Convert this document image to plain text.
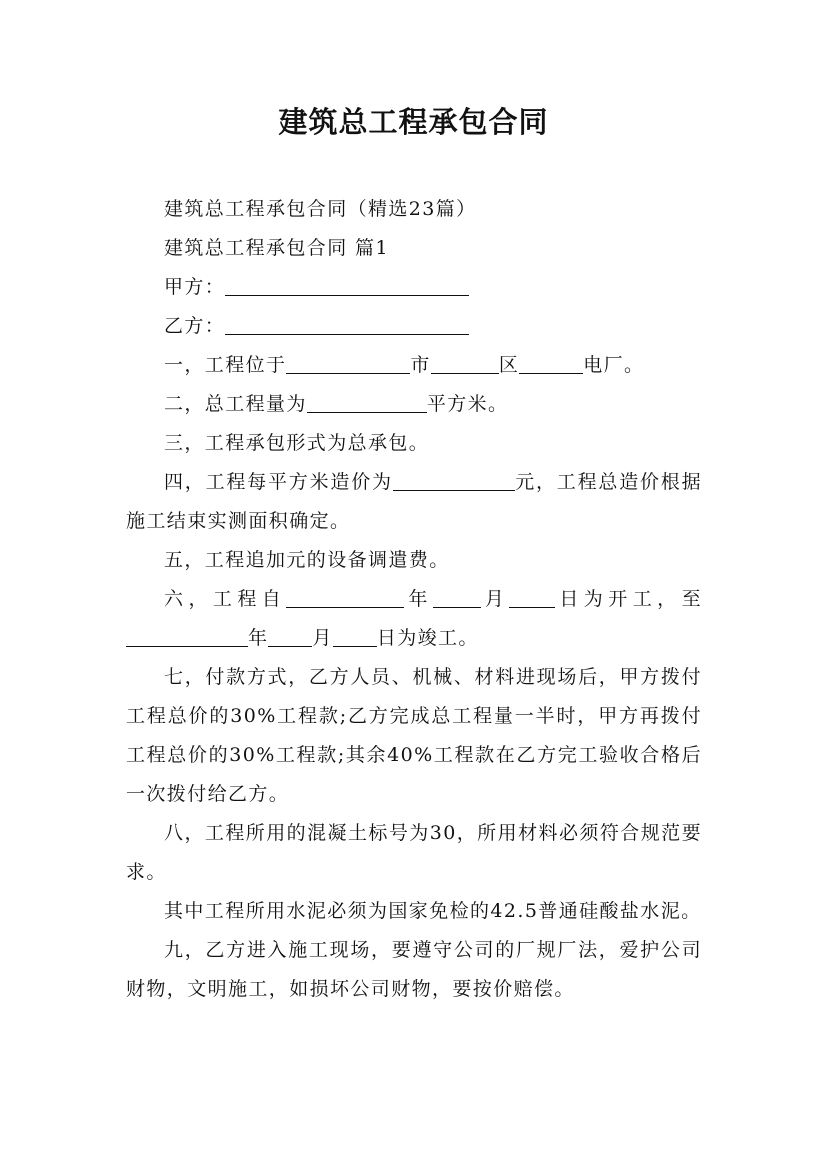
建筑总工程承包合同

建筑总工程承包合同（精选23篇）

建筑总工程承包合同 篇1

甲方：

乙方：

一，工程位于	市	区	电厂。

二，总工程量为	平方米。

三，工程承包形式为总承包。

四，工程每平方米造价为	元，工程总造价根据施工结束实测面积确定。

五，工程追加元的设备调遣费。

六，工程自	年	月 日为开工，至年 月 日为竣工。

七，付款方式，乙方人员、机械、材料进现场后，甲方拨付工程总价的30%工程款;乙方完成总工程量一半时，甲方再拨付工程总价的30%工程款;其余40%工程款在乙方完工验收合格后一次拨付给乙方。

八，工程所用的混凝土标号为30，所用材料必须符合规范要求。

其中工程所用水泥必须为国家免检的42.5普通硅酸盐水泥。

九，乙方进入施工现场，要遵守公司的厂规厂法，爱护公司财物，文明施工，如损坏公司财物，要按价赔偿。
